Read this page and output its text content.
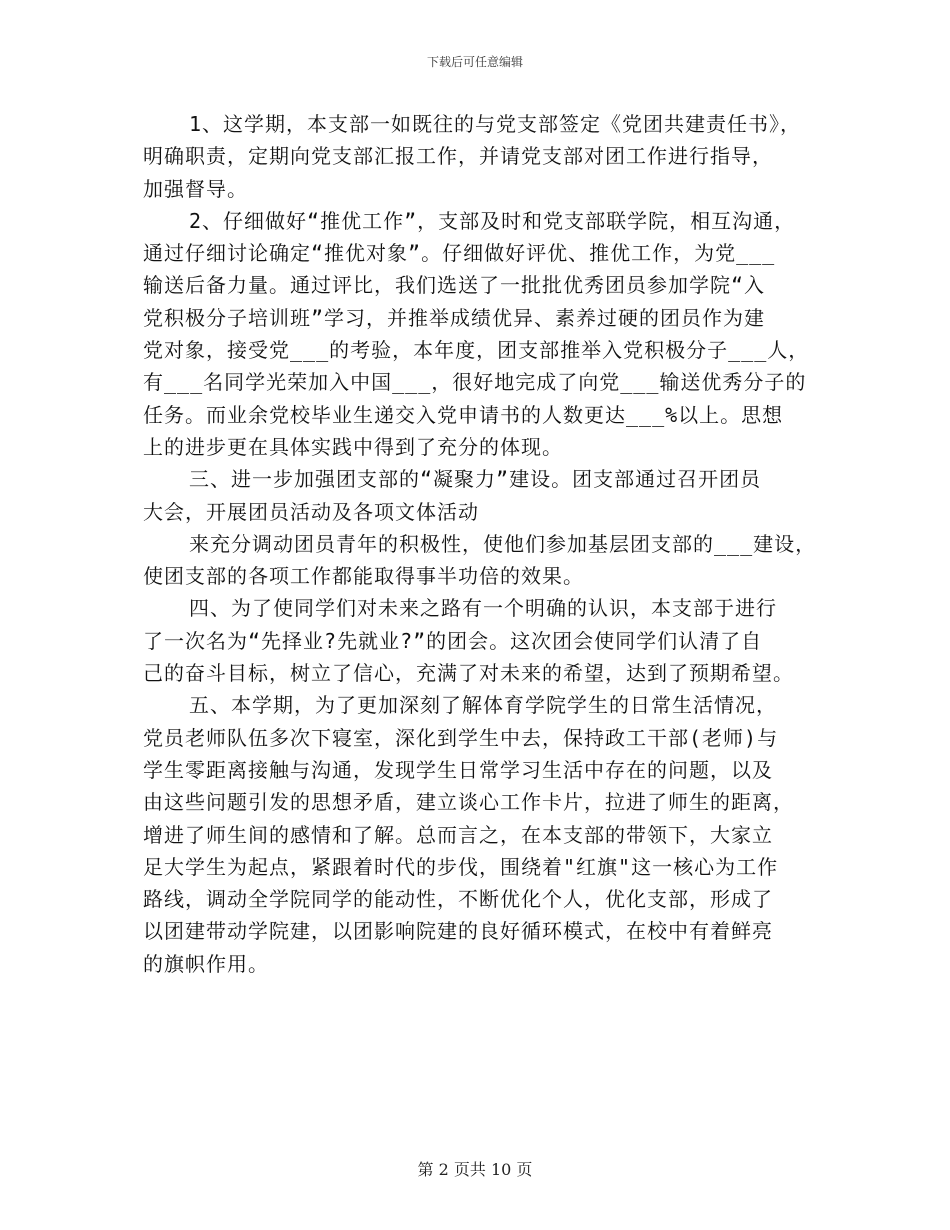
下载后可任意编辑
1、这学期，本支部一如既往的与党支部签定《党团共建责任书》，
明确职责，定期向党支部汇报工作，并请党支部对团工作进行指导，
加强督导。
2、仔细做好“推优工作”，支部及时和党支部联学院，相互沟通，
通过仔细讨论确定“推优对象”。仔细做好评优、推优工作，为党___
输送后备力量。通过评比，我们选送了一批批优秀团员参加学院“入
党积极分子培训班”学习，并推举成绩优异、素养过硬的团员作为建
党对象，接受党___的考验，本年度，团支部推举入党积极分子___人，
有___名同学光荣加入中国___，很好地完成了向党___输送优秀分子的
任务。而业余党校毕业生递交入党申请书的人数更达___%以上。思想
上的进步更在具体实践中得到了充分的体现。
三、进一步加强团支部的“凝聚力”建设。团支部通过召开团员
大会，开展团员活动及各项文体活动
来充分调动团员青年的积极性，使他们参加基层团支部的___建设，
使团支部的各项工作都能取得事半功倍的效果。
四、为了使同学们对未来之路有一个明确的认识，本支部于进行
了一次名为“先择业?先就业?”的团会。这次团会使同学们认清了自
己的奋斗目标，树立了信心，充满了对未来的希望，达到了预期希望。
五、本学期，为了更加深刻了解体育学院学生的日常生活情况，
党员老师队伍多次下寝室，深化到学生中去，保持政工干部(老师)与
学生零距离接触与沟通，发现学生日常学习生活中存在的问题，以及
由这些问题引发的思想矛盾，建立谈心工作卡片，拉进了师生的距离，
增进了师生间的感情和了解。总而言之，在本支部的带领下，大家立
足大学生为起点，紧跟着时代的步伐，围绕着"红旗"这一核心为工作
路线，调动全学院同学的能动性，不断优化个人，优化支部，形成了
以团建带动学院建，以团影响院建的良好循环模式，在校中有着鲜亮
的旗帜作用。
第 2 页共 10 页
